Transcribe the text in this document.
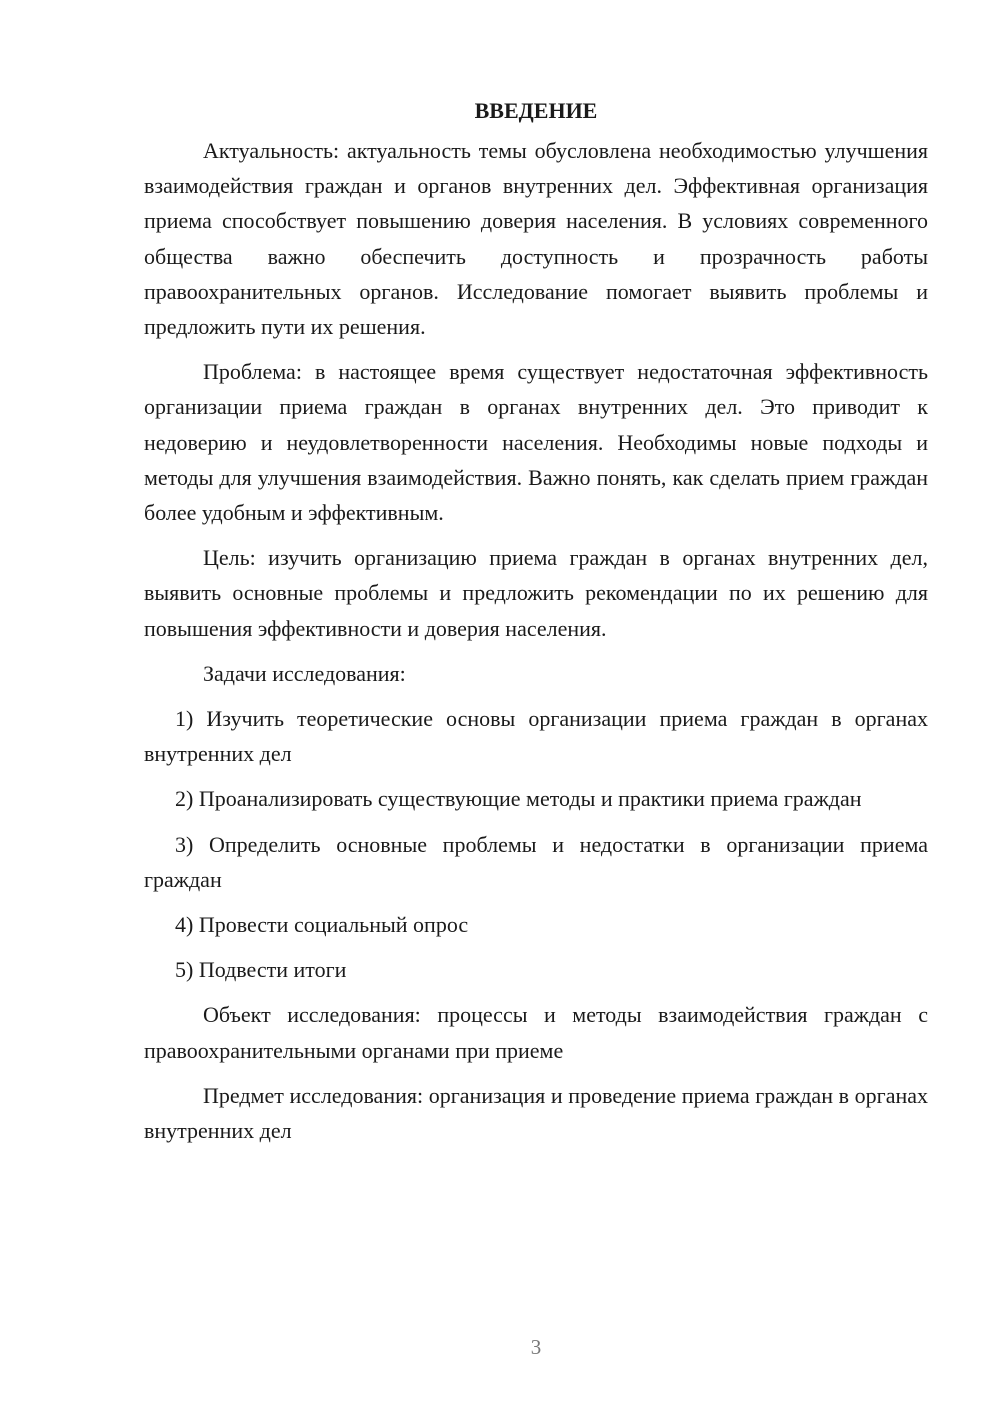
ВВЕДЕНИЕ

Актуальность: актуальность темы обусловлена необходимостью улучшения взаимодействия граждан и органов внутренних дел. Эффективная организация приема способствует повышению доверия населения. В условиях современного общества важно обеспечить доступность и прозрачность работы правоохранительных органов. Исследование помогает выявить проблемы и предложить пути их решения.

Проблема: в настоящее время существует недостаточная эффективность организации приема граждан в органах внутренних дел. Это приводит к недоверию и неудовлетворенности населения. Необходимы новые подходы и методы для улучшения взаимодействия. Важно понять, как сделать прием граждан более удобным и эффективным.

Цель: изучить организацию приема граждан в органах внутренних дел, выявить основные проблемы и предложить рекомендации по их решению для повышения эффективности и доверия населения.

Задачи исследования:

1) Изучить теоретические основы организации приема граждан в органах внутренних дел

2) Проанализировать существующие методы и практики приема граждан

3) Определить основные проблемы и недостатки в организации приема граждан

4) Провести социальный опрос

5) Подвести итоги

Объект исследования: процессы и методы взаимодействия граждан с правоохранительными органами при приеме

Предмет исследования: организация и проведение приема граждан в органах внутренних дел

3
